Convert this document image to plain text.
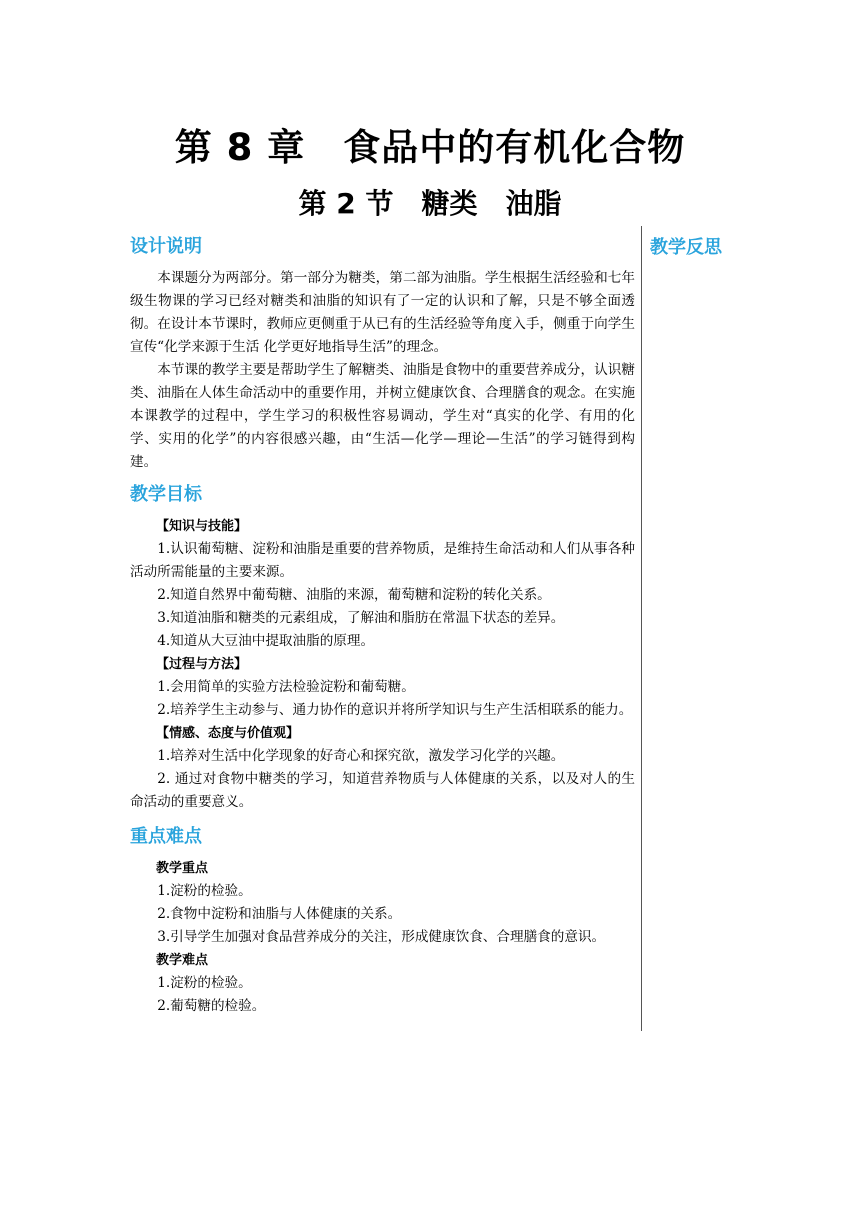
第 8 章　食品中的有机化合物
第 2 节　糖类　油脂
教学反思
设计说明

本课题分为两部分。第一部分为糖类，第二部为油脂。学生根据生活经验和七年级生物课的学习已经对糖类和油脂的知识有了一定的认识和了解，只是不够全面透彻。在设计本节课时，教师应更侧重于从已有的生活经验等角度入手，侧重于向学生宣传“化学来源于生活 化学更好地指导生活”的理念。

本节课的教学主要是帮助学生了解糖类、油脂是食物中的重要营养成分，认识糖类、油脂在人体生命活动中的重要作用，并树立健康饮食、合理膳食的观念。在实施本课教学的过程中，学生学习的积极性容易调动，学生对“真实的化学、有用的化学、实用的化学”的内容很感兴趣，由“生活—化学—理论—生活”的学习链得到构建。

教学目标

【知识与技能】

1.认识葡萄糖、淀粉和油脂是重要的营养物质，是维持生命活动和人们从事各种活动所需能量的主要来源。

2.知道自然界中葡萄糖、油脂的来源，葡萄糖和淀粉的转化关系。

3.知道油脂和糖类的元素组成，了解油和脂肪在常温下状态的差异。

4.知道从大豆油中提取油脂的原理。

【过程与方法】

1.会用简单的实验方法检验淀粉和葡萄糖。

2.培养学生主动参与、通力协作的意识并将所学知识与生产生活相联系的能力。

【情感、态度与价值观】

1.培养对生活中化学现象的好奇心和探究欲，激发学习化学的兴趣。

2. 通过对食物中糖类的学习，知道营养物质与人体健康的关系，以及对人的生命活动的重要意义。

重点难点

教学重点

1.淀粉的检验。

2.食物中淀粉和油脂与人体健康的关系。

3.引导学生加强对食品营养成分的关注，形成健康饮食、合理膳食的意识。

教学难点

1.淀粉的检验。

2.葡萄糖的检验。
